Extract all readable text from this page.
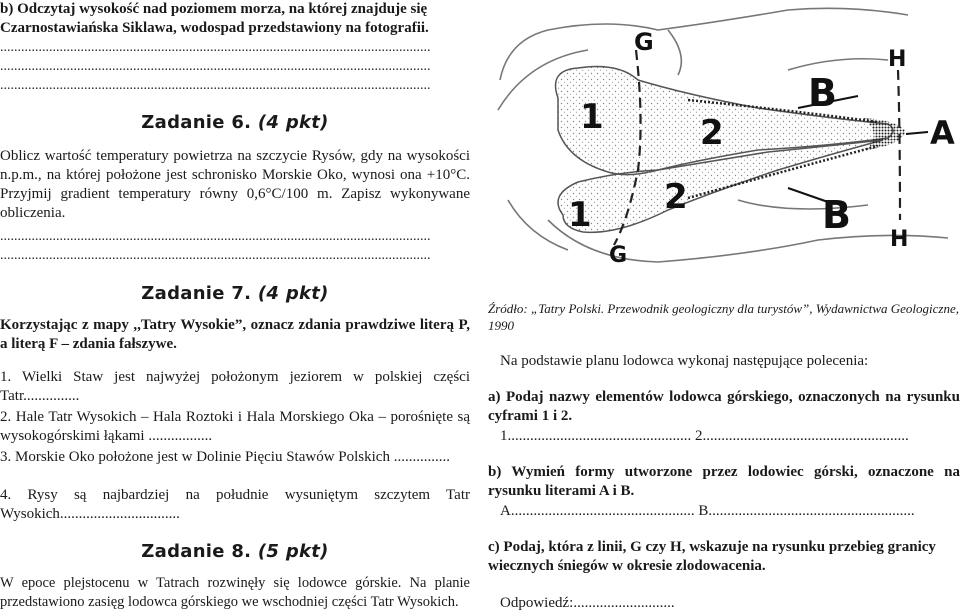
b) Odczytaj wysokość nad poziomem morza, na której znajduje się Czarnostawiańska Siklawa, wodospad przedstawiony na fotografii.

...........................................................................................................................
...........................................................................................................................
...........................................................................................................................
Zadanie 6. (4 pkt)

Oblicz wartość temperatury powietrza na szczycie Rysów, gdy na wysokości n.p.m., na której położone jest schronisko Morskie Oko, wynosi ona +10°C. Przyjmij gradient temperatury równy 0,6°C/100 m. Zapisz wykonywane obliczenia.

...........................................................................................................................
...........................................................................................................................
Zadanie 7. (4 pkt)

Korzystając z mapy ,,Tatry Wysokie”, oznacz zdania prawdziwe literą P, a literą F – zdania fałszywe.

1. Wielki Staw jest najwyżej położonym jeziorem w polskiej części Tatr...............

2. Hale Tatr Wysokich – Hala Roztoki i Hala Morskiego Oka – porośnięte są wysokogórskimi łąkami .................

3. Morskie Oko położone jest w Dolinie Pięciu Stawów Polskich ...............

4. Rysy są najbardziej na południe wysuniętym szczytem Tatr Wysokich................................

Zadanie 8. (5 pkt)

W epoce plejstocenu w Tatrach rozwinęły się lodowce górskie. Na planie przedstawiono zasięg lodowca górskiego we wschodniej części Tatr Wysokich.

G
G
H
H
A
B
B
1
1
2
2

Źródło: „Tatry Polski. Przewodnik geologiczny dla turystów”, Wydawnictwa Geologiczne, 1990

Na podstawie planu lodowca wykonaj następujące polecenia:

a) Podaj nazwy elementów lodowca górskiego, oznaczonych na rysunku cyframi 1 i 2.

1................................................. 2.......................................................

b) Wymień formy utworzone przez lodowiec górski, oznaczone na rysunku literami A i B.

A................................................. B.......................................................

c) Podaj, która z linii, G czy H, wskazuje na rysunku przebieg granicy wiecznych śniegów w okresie zlodowacenia.

Odpowiedź:...........................
